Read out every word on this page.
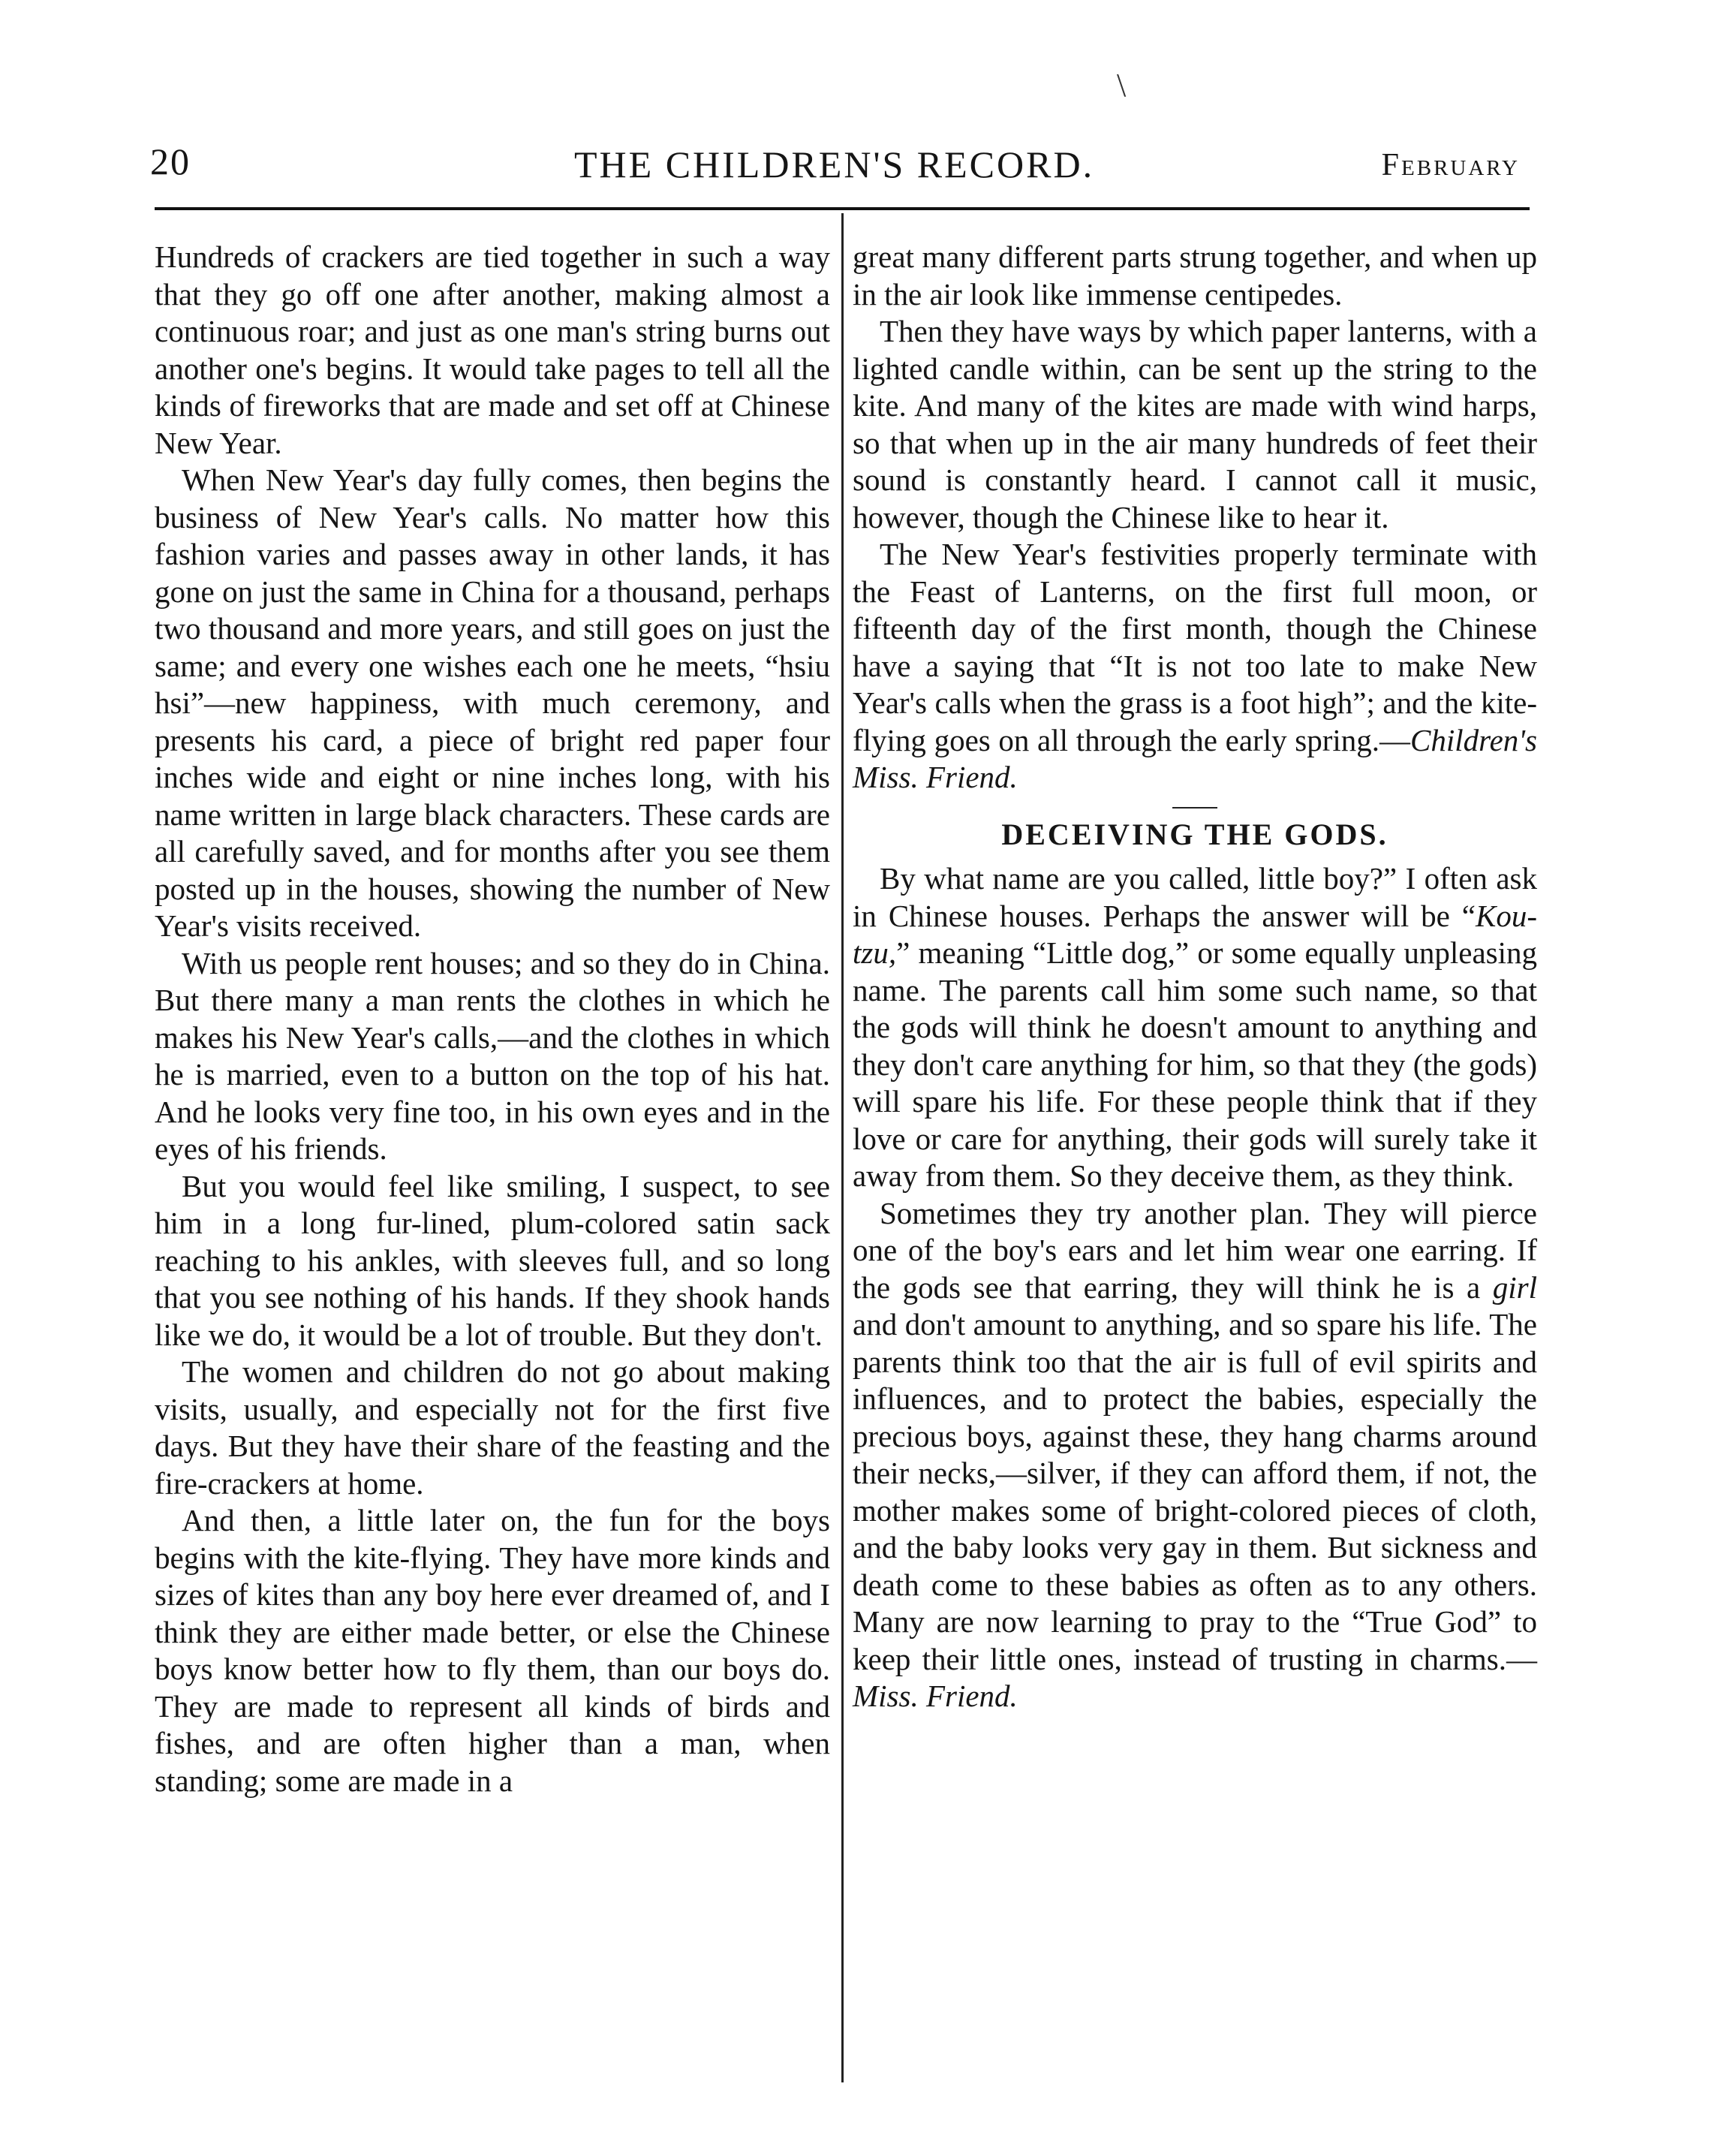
\
20	THE CHILDREN'S RECORD.	February

Hundreds of crackers are tied together in such a way that they go off one after another, making almost a continuous roar; and just as one man's string burns out another one's begins. It would take pages to tell all the kinds of fireworks that are made and set off at Chinese New Year.

When New Year's day fully comes, then begins the business of New Year's calls. No matter how this fashion varies and passes away in other lands, it has gone on just the same in China for a thousand, perhaps two thousand and more years, and still goes on just the same; and every one wishes each one he meets, “hsiu hsi”—new happiness, with much ceremony, and presents his card, a piece of bright red paper four inches wide and eight or nine inches long, with his name written in large black characters. These cards are all carefully saved, and for months after you see them posted up in the houses, showing the number of New Year's visits received.

With us people rent houses; and so they do in China. But there many a man rents the clothes in which he makes his New Year's calls,—and the clothes in which he is married, even to a button on the top of his hat. And he looks very fine too, in his own eyes and in the eyes of his friends.

But you would feel like smiling, I suspect, to see him in a long fur-lined, plum-colored satin sack reaching to his ankles, with sleeves full, and so long that you see nothing of his hands. If they shook hands like we do, it would be a lot of trouble. But they don't.

The women and children do not go about making visits, usually, and especially not for the first five days. But they have their share of the feasting and the fire-crackers at home.

And then, a little later on, the fun for the boys begins with the kite-flying. They have more kinds and sizes of kites than any boy here ever dreamed of, and I think they are either made better, or else the Chinese boys know better how to fly them, than our boys do. They are made to represent all kinds of birds and fishes, and are often higher than a man, when standing; some are made in a

great many different parts strung together, and when up in the air look like immense centipedes.

Then they have ways by which paper lanterns, with a lighted candle within, can be sent up the string to the kite. And many of the kites are made with wind harps, so that when up in the air many hundreds of feet their sound is constantly heard. I cannot call it music, however, though the Chinese like to hear it.

The New Year's festivities properly terminate with the Feast of Lanterns, on the first full moon, or fifteenth day of the first month, though the Chinese have a saying that “It is not too late to make New Year's calls when the grass is a foot high”; and the kite-flying goes on all through the early spring.—Children's Miss. Friend.

DECEIVING THE GODS.

By what name are you called, little boy?” I often ask in Chinese houses. Perhaps the answer will be “Kou-tzu,” meaning “Little dog,” or some equally unpleasing name. The parents call him some such name, so that the gods will think he doesn't amount to anything and they don't care anything for him, so that they (the gods) will spare his life. For these people think that if they love or care for anything, their gods will surely take it away from them. So they deceive them, as they think.

Sometimes they try another plan. They will pierce one of the boy's ears and let him wear one earring. If the gods see that earring, they will think he is a girl and don't amount to anything, and so spare his life. The parents think too that the air is full of evil spirits and influences, and to protect the babies, especially the precious boys, against these, they hang charms around their necks,—silver, if they can afford them, if not, the mother makes some of bright-colored pieces of cloth, and the baby looks very gay in them. But sickness and death come to these babies as often as to any others. Many are now learning to pray to the “True God” to keep their little ones, instead of trusting in charms.—Miss. Friend.
